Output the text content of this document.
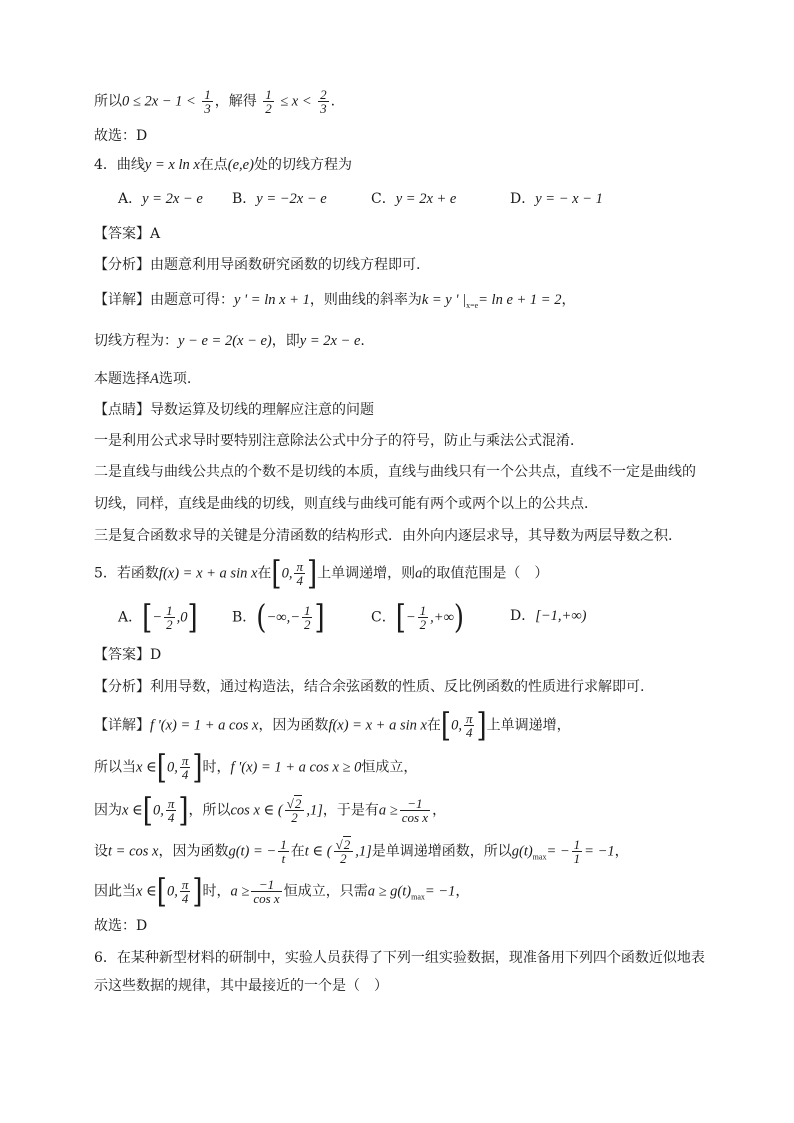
所以$0 \le 2x - 1 < \frac{1}{3}$ ，解得 $\frac{1}{2} \le x < \frac{2}{3}$ .
故选：D
4．曲线y = x ln x在点(e,e)处的切线方程为
A．y = 2x − e B．y = −2x − e	C．y = 2x + e	D．y = − x − 1
【答案】A
【分析】由题意利用导函数研究函数的切线方程即可.
【详解】由题意可得：y ' = ln x + 1，则曲线的斜率为k = y ' $|_{x=e}= \ln e + 1 = 2$，
切线方程为：y − e = 2(x − e)，即y = 2x − e.
本题选择A选项.
【点睛】导数运算及切线的理解应注意的问题
一是利用公式求导时要特别注意除法公式中分子的符号，防止与乘法公式混淆．
二是直线与曲线公共点的个数不是切线的本质，直线与曲线只有一个公共点，直线不一定是曲线的
切线，同样，直线是曲线的切线，则直线与曲线可能有两个或两个以上的公共点．
三是复合函数求导的关键是分清函数的结构形式．由外向内逐层求导，其导数为两层导数之积.
5．若函数f(x) = x + a sin x在[0, $\frac{\pi}{4}$ ]上单调递增，则a的取值范围是（　）
A．[− $\frac{1}{2} ,0$] B．(−∞,− $\frac{1}{2}$ ]	C．[− $\frac{1}{2}$ ,+∞)	D．[−1,+∞)
【答案】D
【分析】利用导数，通过构造法，结合余弦函数的性质、反比例函数的性质进行求解即可.
【详解】f '(x) = 1 + a cos x，因为函数f(x) = x + a sin x在[0, $\frac{\pi}{4}$ ]上单调递增，
所以当x ∈[0, $\frac{\pi}{4}$ ]时，f '(x) = 1 + a cos x ≥ 0恒成立，
因为x ∈[0, $\frac{\pi}{4}$ ]，所以cos x ∈ ( $\frac{√2}{2} ,1$]，于是有$a \ge \frac{-1}{\text{cos x}}$ ，
设t = cos x，因为函数g(t) = − $\frac{1}{t}$ 在t ∈ ( $\frac{√2}{2} ,1$]是单调递增函数，所以$g(t)_{max}= - \frac{1}{1} = -1$，
因此当x ∈[0, $\frac{\pi}{4}$ ]时，$a \ge \frac{-1}{\text{cos x}}$ 恒成立，只需$a \ge g(t)_{max}= -1$，
故选：D
6．在某种新型材料的研制中，实验人员获得了下列一组实验数据，现准备用下列四个函数近似地表
示这些数据的规律，其中最接近的一个是（　）
